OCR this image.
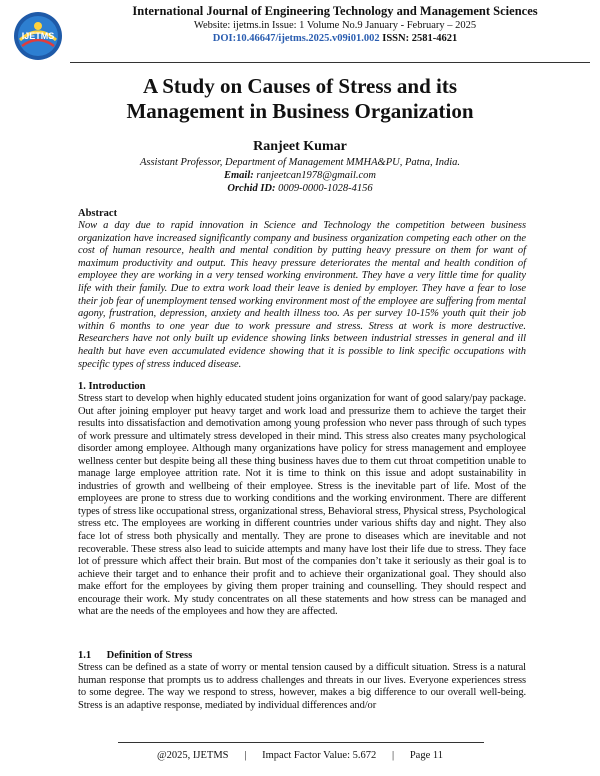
IJETMS
International Journal of Engineering Technology and Management Sciences
Website: ijetms.in Issue: 1 Volume No.9 January - February – 2025
DOI:10.46647/ijetms.2025.v09i01.002 ISSN: 2581-4621
A Study on Causes of Stress and its
Management in Business Organization
Ranjeet Kumar
Assistant Professor, Department of Management MMHA&PU, Patna, India.
Email: ranjeetcan1978@gmail.com
Orchid ID: 0009-0000-1028-4156
Abstract
Now a day due to rapid innovation in Science and Technology the competition between business organization have increased significantly company and business organization competing each other on the cost of human resource, health and mental condition by putting heavy pressure on them for want of maximum productivity and output. This heavy pressure deteriorates the mental and health condition of employee they are working in a very tensed working environment. They have a very little time for quality life with their family. Due to extra work load their leave is denied by employer. They have a fear to lose their job fear of unemployment tensed working environment most of the employee are suffering from mental agony, frustration, depression, anxiety and health illness too. As per survey 10-15% youth quit their job within 6 months to one year due to work pressure and stress. Stress at work is more destructive. Researchers have not only built up evidence showing links between industrial stresses in general and ill health but have even accumulated evidence showing that it is possible to link specific occupations with specific types of stress induced disease.
1. Introduction
Stress start to develop when highly educated student joins organization for want of good salary/pay package. Out after joining employer put heavy target and work load and pressurize them to achieve the target their results into dissatisfaction and demotivation among young profession who never pass through of such types of work pressure and ultimately stress developed in their mind. This stress also creates many psychological disorder among employee. Although many organizations have policy for stress management and employee wellness center but despite being all these thing business haves due to them cut throat competition unable to manage large employee attrition rate. Not it is time to think on this issue and adopt sustainability in industries of growth and wellbeing of their employee. Stress is the inevitable part of life. Most of the employees are prone to stress due to working conditions and the working environment. There are different types of stress like occupational stress, organizational stress, Behavioral stress, Physical stress, Psychological stress etc. The employees are working in different countries under various shifts day and night. They also face lot of stress both physically and mentally. They are prone to diseases which are inevitable and not recoverable. These stress also lead to suicide attempts and many have lost their life due to stress. They face lot of pressure which affect their brain. But most of the companies don’t take it seriously as their goal is to achieve their target and to enhance their profit and to achieve their organizational goal. They should also make effort for the employees by giving them proper training and counselling. They should respect and encourage their work. My study concentrates on all these statements and how stress can be managed and what are the needs of the employees and how they are affected.
1.1 Definition of Stress
Stress can be defined as a state of worry or mental tension caused by a difficult situation. Stress is a natural human response that prompts us to address challenges and threats in our lives. Everyone experiences stress to some degree. The way we respond to stress, however, makes a big difference to our overall well-being. Stress is an adaptive response, mediated by individual differences and/or
@2025, IJETMS      |      Impact Factor Value: 5.672      |      Page 11
